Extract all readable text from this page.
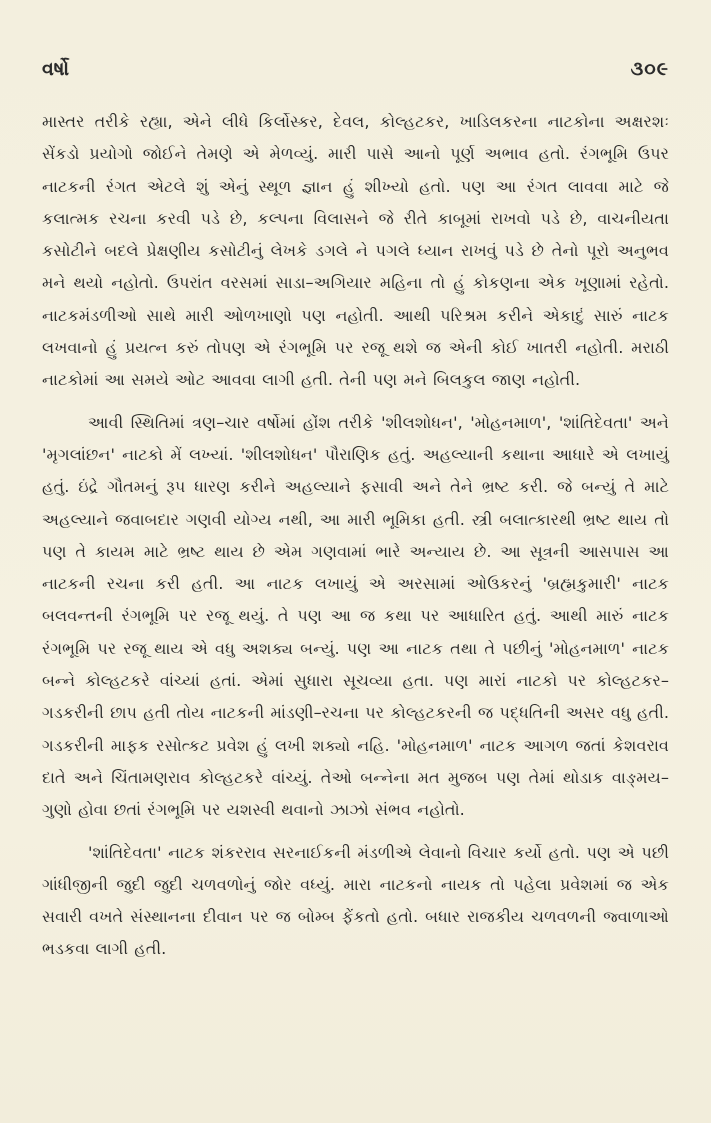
વર્ષો	૩૦૯

માસ્તર તરીકે રહ્યા, એને લીધે કિર્લોસ્કર, દેવલ, કોલ્હટકર, ખાડિલકરના નાટકોના અક્ષરશઃ સેંકડો પ્રયોગો જોઈને તેમણે એ મેળવ્યું. મારી પાસે આનો પૂર્ણ અભાવ હતો. રંગભૂમિ ઉપર નાટકની રંગત એટલે શું એનું સ્થૂળ જ્ઞાન હું શીખ્યો હતો. પણ આ રંગત લાવવા માટે જે કલાત્મક રચના કરવી પડે છે, કલ્પના વિલાસને જે રીતે કાબૂમાં રાખવો પડે છે, વાચનીયતા કસોટીને બદલે પ્રેક્ષણીય કસોટીનું લેખકે ડગલે ને પગલે ધ્યાન રાખવું પડે છે તેનો પૂરો અનુભવ મને થયો નહોતો. ઉપરાંત વરસમાં સાડા–અગિયાર મહિના તો હું કોકણના એક ખૂણામાં રહેતો. નાટકમંડળીઓ સાથે મારી ઓળખાણો પણ નહોતી. આથી પરિશ્રમ કરીને એકાદું સારું નાટક લખવાનો હું પ્રયત્ન કરું તોપણ એ રંગભૂમિ પર રજૂ થશે જ એની કોઈ ખાતરી નહોતી. મરાઠી નાટકોમાં આ સમયે ઓટ આવવા લાગી હતી. તેની પણ મને બિલકુલ જાણ નહોતી.

આવી સ્થિતિમાં ત્રણ–ચાર વર્ષોમાં હોંશ તરીકે 'શીલશોધન', 'મોહનમાળ', 'શાંતિદેવતા' અને 'મૃગલાંછન' નાટકો મેં લખ્યાં. 'શીલશોધન' પૌરાણિક હતું. અહલ્યાની કથાના આધારે એ લખાયું હતું. ઇંદ્રે ગૌતમનું રૂપ ધારણ કરીને અહલ્યાને ફસાવી અને તેને ભ્રષ્ટ કરી. જે બન્યું તે માટે અહલ્યાને જવાબદાર ગણવી યોગ્ય નથી, આ મારી ભૂમિકા હતી. સ્ત્રી બલાત્કારથી ભ્રષ્ટ થાય તો પણ તે કાયમ માટે ભ્રષ્ટ થાય છે એમ ગણવામાં ભારે અન્યાય છે. આ સૂત્રની આસપાસ આ નાટકની રચના કરી હતી. આ નાટક લખાયું એ અરસામાં ઓઉકરનું 'બ્રહ્મકુમારી' નાટક બલવન્તની રંગભૂમિ પર રજૂ થયું. તે પણ આ જ કથા પર આધારિત હતું. આથી મારું નાટક રંગભૂમિ પર રજૂ થાય એ વધુ અશક્ય બન્યું. પણ આ નાટક તથા તે પછીનું 'મોહનમાળ' નાટક બન્ને કોલ્હટકરે વાંચ્યાં હતાં. એમાં સુધારા સૂચવ્યા હતા. પણ મારાં નાટકો પર કોલ્હટકર–ગડકરીની છાપ હતી તોય નાટકની માંડણી–રચના પર કોલ્હટકરની જ પદ્ધતિની અસર વધુ હતી. ગડકરીની માફક રસોત્કટ પ્રવેશ હું લખી શક્યો નહિ. 'મોહનમાળ' નાટક આગળ જતાં કેશવરાવ દાતે અને ચિંતામણરાવ કોલ્હટકરે વાંચ્યું. તેઓ બન્નેના મત મુજબ પણ તેમાં થોડાક વાઙ્મય–ગુણો હોવા છતાં રંગભૂમિ પર યશસ્વી થવાનો ઝાઝો સંભવ નહોતો.

'શાંતિદેવતા' નાટક શંકરરાવ સરનાઈકની મંડળીએ લેવાનો વિચાર કર્યો હતો. પણ એ પછી ગાંધીજીની જુદી જુદી ચળવળોનું જોર વધ્યું. મારા નાટકનો નાયક તો પહેલા પ્રવેશમાં જ એક સવારી વખતે સંસ્થાનના દીવાન પર જ બોમ્બ ફેંકતો હતો. બધાર રાજકીય ચળવળની જ્વાળાઓ ભડકવા લાગી હતી.
